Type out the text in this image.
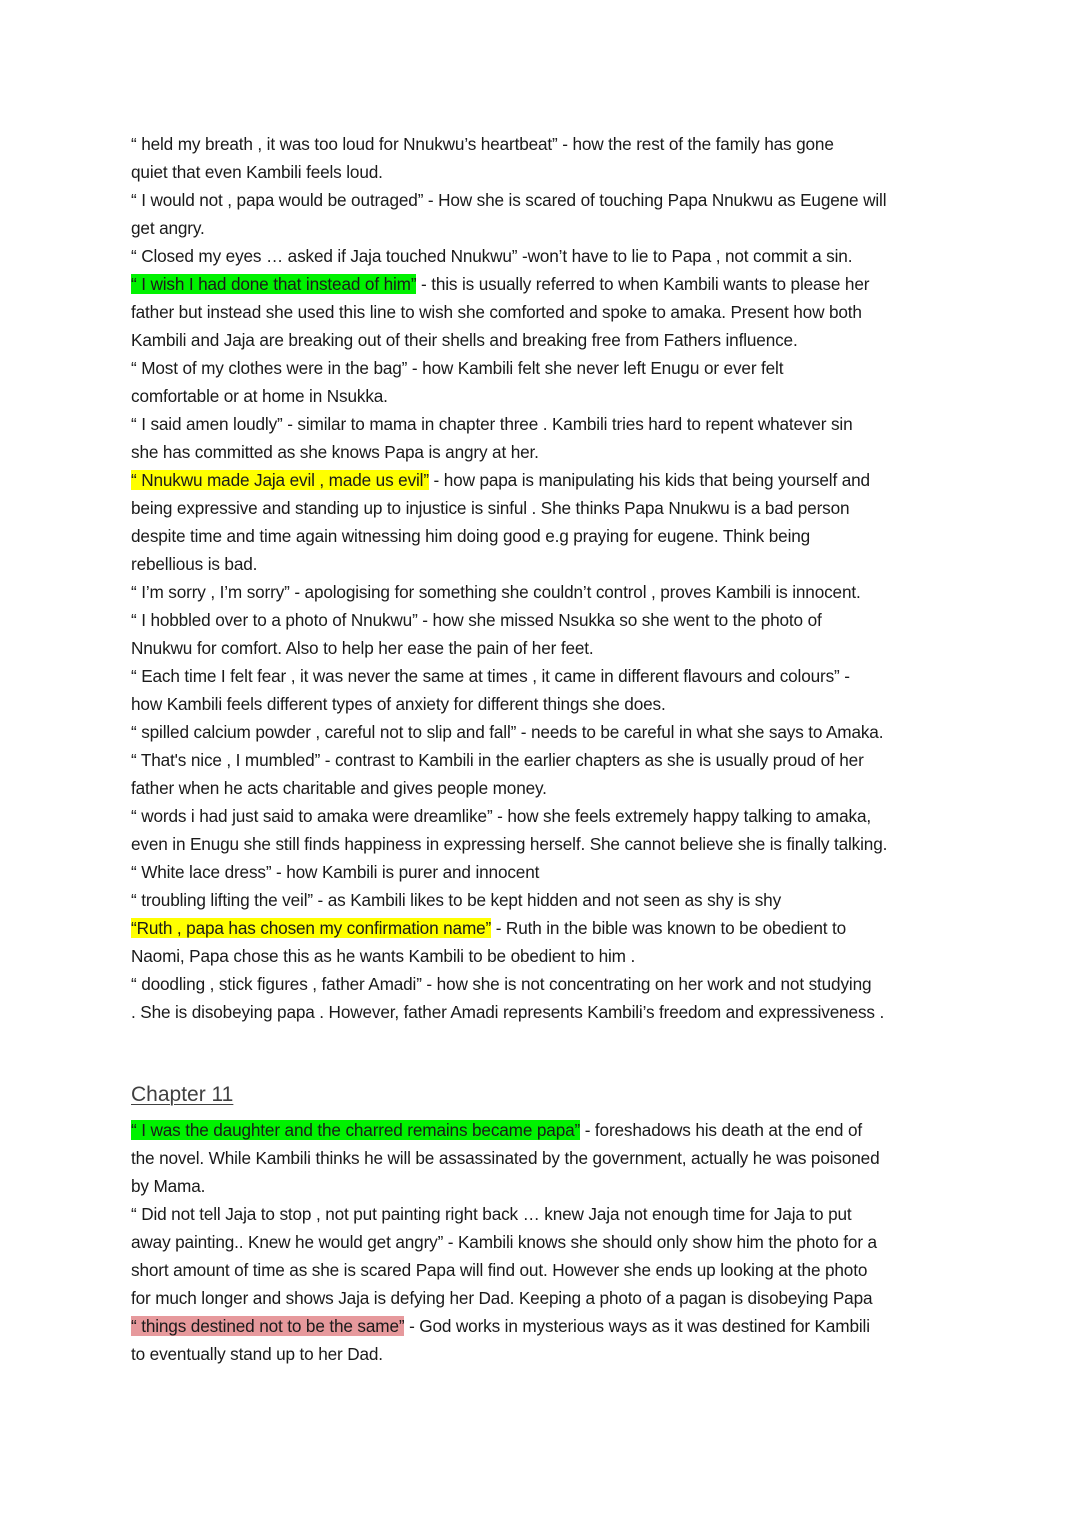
“ held my breath , it was too loud for Nnukwu’s heartbeat” - how the rest of the family has gone
quiet that even Kambili feels loud.
“ I would not , papa would be outraged” - How she is scared of touching Papa Nnukwu as Eugene will
get angry.
“ Closed my eyes … asked if Jaja touched Nnukwu” -won’t have to lie to Papa , not commit a sin.
“ I wish I had done that instead of him” - this is usually referred to when Kambili wants to please her
father but instead she used this line to wish she comforted and spoke to amaka. Present how both
Kambili and Jaja are breaking out of their shells and breaking free from Fathers influence.
“ Most of my clothes were in the bag” - how Kambili felt she never left Enugu or ever felt
comfortable or at home in Nsukka.
“ I said amen loudly” - similar to mama in chapter three . Kambili tries hard to repent whatever sin
she has committed as she knows Papa is angry at her.
“ Nnukwu made Jaja evil , made us evil” - how papa is manipulating his kids that being yourself and
being expressive and standing up to injustice is sinful . She thinks Papa Nnukwu is a bad person
despite time and time again witnessing him doing good e.g praying for eugene. Think being
rebellious is bad.
“ I’m sorry , I’m sorry” - apologising for something she couldn’t control , proves Kambili is innocent.
“ I hobbled over to a photo of Nnukwu” - how she missed Nsukka so she went to the photo of
Nnukwu for comfort. Also to help her ease the pain of her feet.
“ Each time I felt fear , it was never the same at times , it came in different flavours and colours” -
how Kambili feels different types of anxiety for different things she does.
“ spilled calcium powder , careful not to slip and fall” - needs to be careful in what she says to Amaka.
“ That's nice , I mumbled” - contrast to Kambili in the earlier chapters as she is usually proud of her
father when he acts charitable and gives people money.
“ words i had just said to amaka were dreamlike” - how she feels extremely happy talking to amaka,
even in Enugu she still finds happiness in expressing herself. She cannot believe she is finally talking.
“ White lace dress” - how Kambili is purer and innocent
“ troubling lifting the veil” - as Kambili likes to be kept hidden and not seen as shy is shy
“Ruth , papa has chosen my confirmation name” - Ruth in the bible was known to be obedient to
Naomi, Papa chose this as he wants Kambili to be obedient to him .
“ doodling , stick figures , father Amadi” - how she is not concentrating on her work and not studying
. She is disobeying papa . However, father Amadi represents Kambili’s freedom and expressiveness .
Chapter 11
“ I was the daughter and the charred remains became papa” - foreshadows his death at the end of
the novel. While Kambili thinks he will be assassinated by the government, actually he was poisoned
by Mama.
“ Did not tell Jaja to stop , not put painting right back … knew Jaja not enough time for Jaja to put
away painting.. Knew he would get angry” - Kambili knows she should only show him the photo for a
short amount of time as she is scared Papa will find out. However she ends up looking at the photo
for much longer and shows Jaja is defying her Dad. Keeping a photo of a pagan is disobeying Papa
“ things destined not to be the same” - God works in mysterious ways as it was destined for Kambili
to eventually stand up to her Dad.
